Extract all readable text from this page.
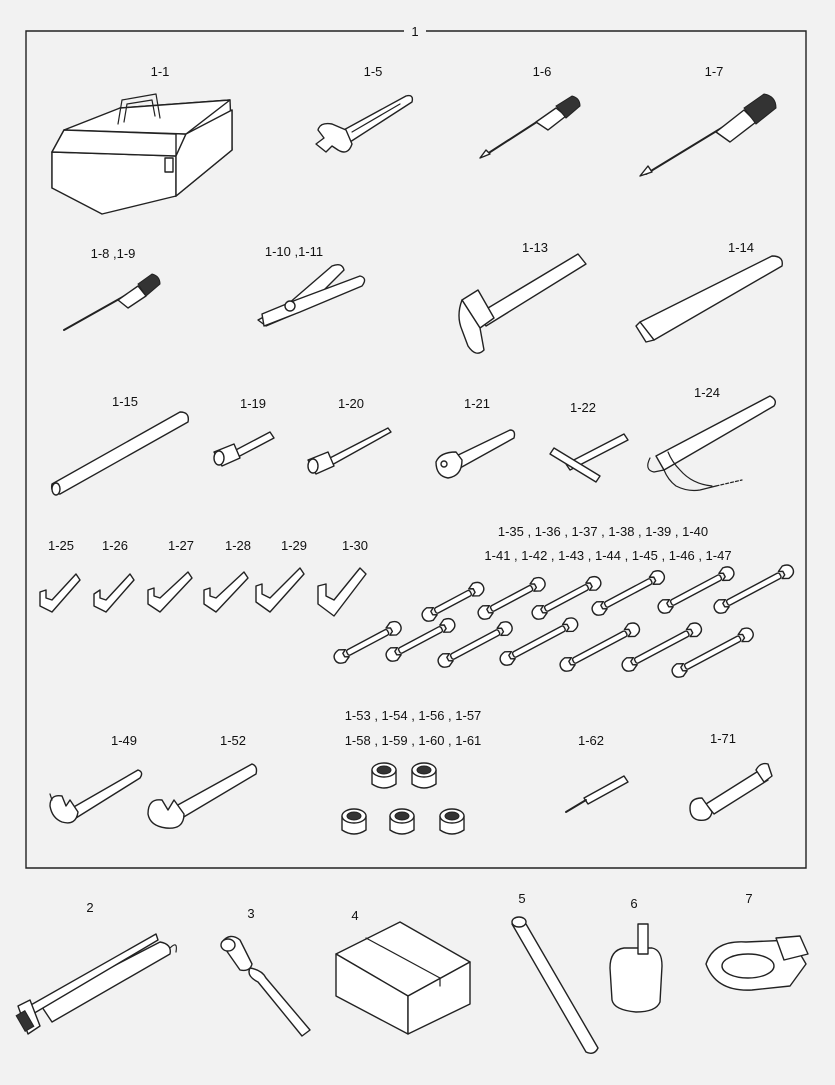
1
1-1	1-5	1-6	1-7
1-8 ,1-9	1-10 ,1-11	1-13	1-14
1-15	1-19	1-20	1-21	1-22
1-24
1-25 1-26	1-27 1-28 1-29	1-30
1-35 , 1-36 , 1-37 , 1-38 , 1-39 , 1-40
1-41 , 1-42 , 1-43 , 1-44 , 1-45 , 1-46 , 1-47
1-49	1-52
1-53 , 1-54 , 1-56 , 1-57
1-58 , 1-59 , 1-60 , 1-61	1-62	1-71
2	3	4
5	6	7
